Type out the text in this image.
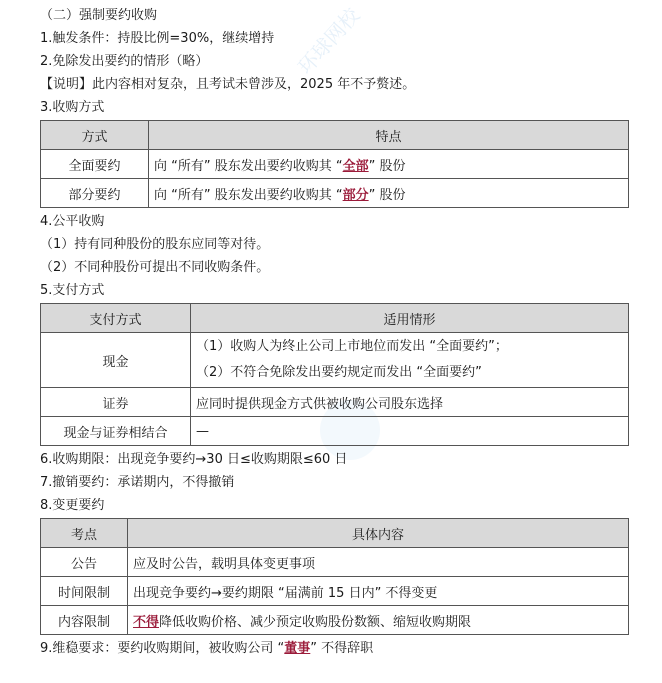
环球网校
（二）强制要约收购
1.触发条件：持股比例=30%，继续增持
2.免除发出要约的情形（略）
【说明】此内容相对复杂，且考试未曾涉及，2025 年不予赘述。
3.收购方式
方式	特点
全面要约	向 “所有” 股东发出要约收购其 “全部” 股份
部分要约	向 “所有” 股东发出要约收购其 “部分” 股份
4.公平收购
（1）持有同种股份的股东应同等对待。
（2）不同种股份可提出不同收购条件。
5.支付方式
支付方式	适用情形
现金	（1）收购人为终止公司上市地位而发出 “全面要约”；
（2）不符合免除发出要约规定而发出 “全面要约”

证券	应同时提供现金方式供被收购公司股东选择
现金与证券相结合	—
6.收购期限：出现竞争要约→30 日≤收购期限≤60 日
7.撤销要约：承诺期内，不得撤销
8.变更要约
考点	具体内容
公告	应及时公告，载明具体变更事项
时间限制	出现竞争要约→要约期限 “届满前 15 日内” 不得变更
内容限制	不得降低收购价格、减少预定收购股份数额、缩短收购期限
9.维稳要求：要约收购期间，被收购公司 “董事” 不得辞职
